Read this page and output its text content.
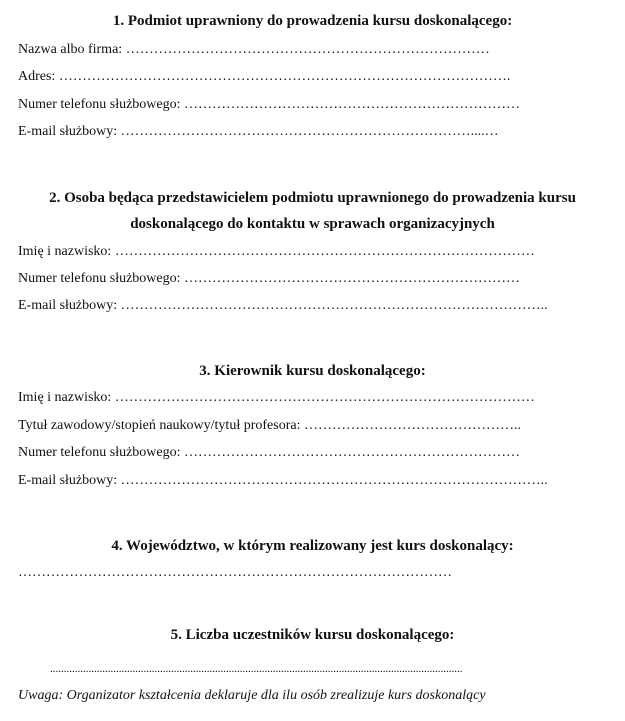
1. Podmiot uprawniony do prowadzenia kursu doskonalącego:
Nazwa albo firma: ……………………………………………………………………
Adres: …………………………………………………………………………………….
Numer telefonu służbowego: ………………………………………………………………
E-mail służbowy: …………………………………………………………………....…
2. Osoba będąca przedstawicielem podmiotu uprawnionego do prowadzenia kursu
doskonalącego do kontaktu w sprawach organizacyjnych
Imię i nazwisko: ………………………………………………………………………………
Numer telefonu służbowego: ………………………………………………………………
E-mail służbowy: ………………………………………………………………………………..
3. Kierownik kursu doskonalącego:
Imię i nazwisko: ………………………………………………………………………………
Tytuł zawodowy/stopień naukowy/tytuł profesora: ………………………………………..
Numer telefonu służbowego: ………………………………………………………………
E-mail służbowy: ………………………………………………………………………………..
4. Województwo, w którym realizowany jest kurs doskonalący:
…………………………………………………………………………………
5. Liczba uczestników kursu doskonalącego:
......................................................................................................................................................
Uwaga: Organizator kształcenia deklaruje dla ilu osób zrealizuje kurs doskonalący
